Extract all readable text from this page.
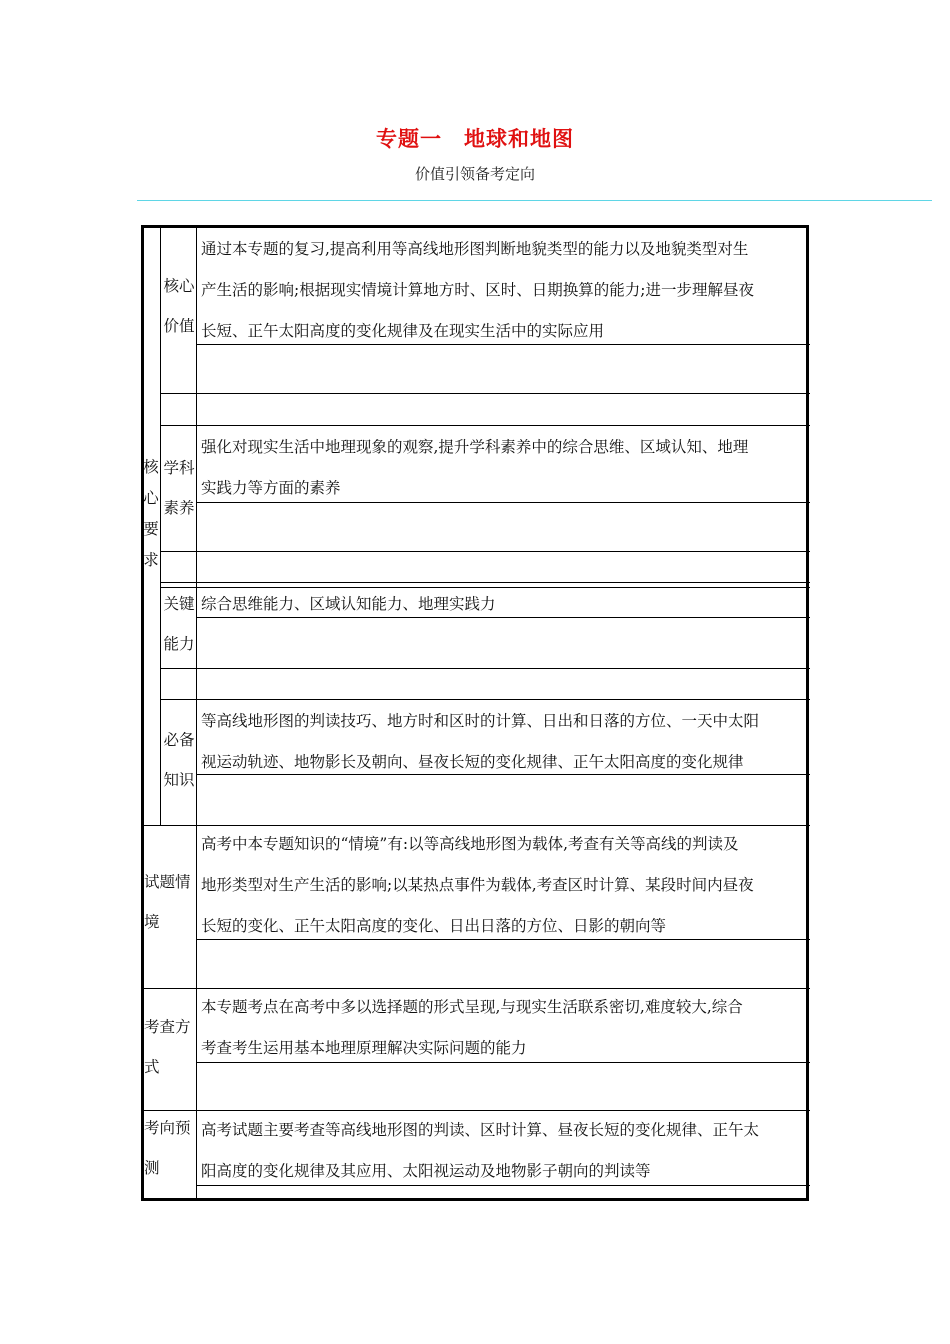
专题一　地球和地图
价值引领备考定向
核
心
要
求
核心
价值
通过本专题的复习,提高利用等高线地形图判断地貌类型的能力以及地貌类型对生
产生活的影响;根据现实情境计算地方时、区时、日期换算的能力;进一步理解昼夜
长短、正午太阳高度的变化规律及在现实生活中的实际应用
学科
素养
强化对现实生活中地理现象的观察,提升学科素养中的综合思维、区域认知、地理
实践力等方面的素养
关键
能力
综合思维能力、区域认知能力、地理实践力
必备
知识
等高线地形图的判读技巧、地方时和区时的计算、日出和日落的方位、一天中太阳
视运动轨迹、地物影长及朝向、昼夜长短的变化规律、正午太阳高度的变化规律
试题情
境
高考中本专题知识的“情境”有:以等高线地形图为载体,考查有关等高线的判读及
地形类型对生产生活的影响;以某热点事件为载体,考查区时计算、某段时间内昼夜
长短的变化、正午太阳高度的变化、日出日落的方位、日影的朝向等
考查方
式
本专题考点在高考中多以选择题的形式呈现,与现实生活联系密切,难度较大,综合
考查考生运用基本地理原理解决实际问题的能力
考向预
测
高考试题主要考查等高线地形图的判读、区时计算、昼夜长短的变化规律、正午太
阳高度的变化规律及其应用、太阳视运动及地物影子朝向的判读等
